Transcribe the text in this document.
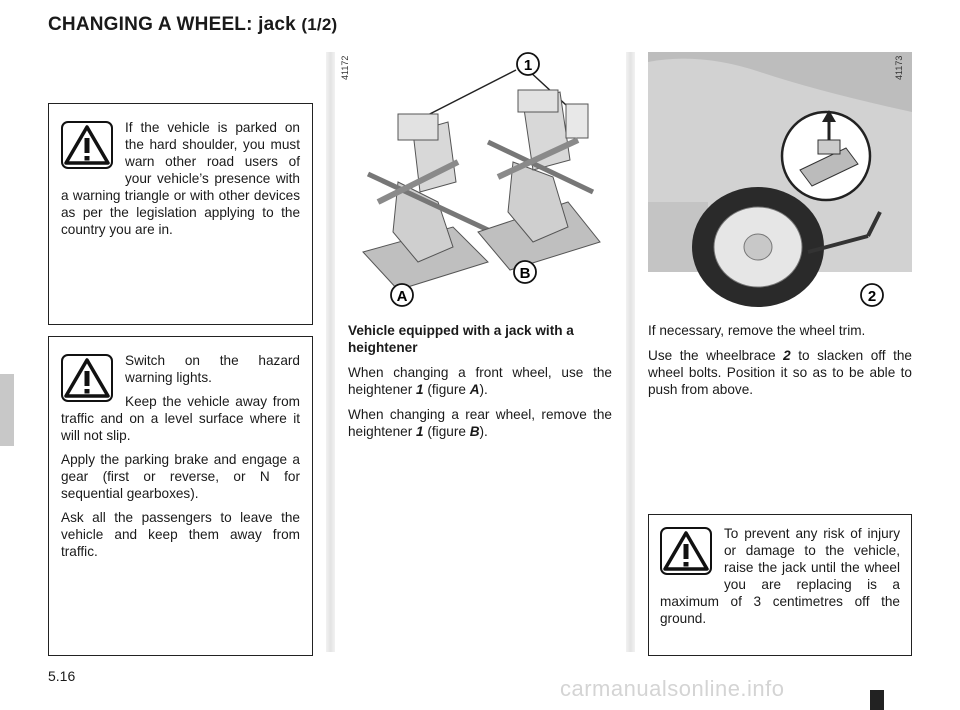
CHANGING A WHEEL: jack (1/2)

If the vehicle is parked on the hard shoulder, you must warn other road users of your vehicle’s presence with a warning triangle or with other devices as per the legislation applying to the country you are in.

Switch on the hazard warning lights.

Keep the vehicle away from traffic and on a level surface where it will not slip.

Apply the parking brake and engage a gear (first or reverse, or N for sequential gearboxes).

Ask all the passengers to leave the vehicle and keep them away from traffic.

41172	1
A
B
41173
2

Vehicle equipped with a jack with a heightener

When changing a front wheel, use the heightener 1 (figure A).

When changing a rear wheel, remove the heightener 1 (figure B).

If necessary, remove the wheel trim.

Use the wheelbrace 2 to slacken off the wheel bolts. Position it so as to be able to push from above.

To prevent any risk of injury or damage to the vehicle, raise the jack until the wheel you are replacing is a maximum of 3 centimetres off the ground.

5.16	carmanualsonline.info
